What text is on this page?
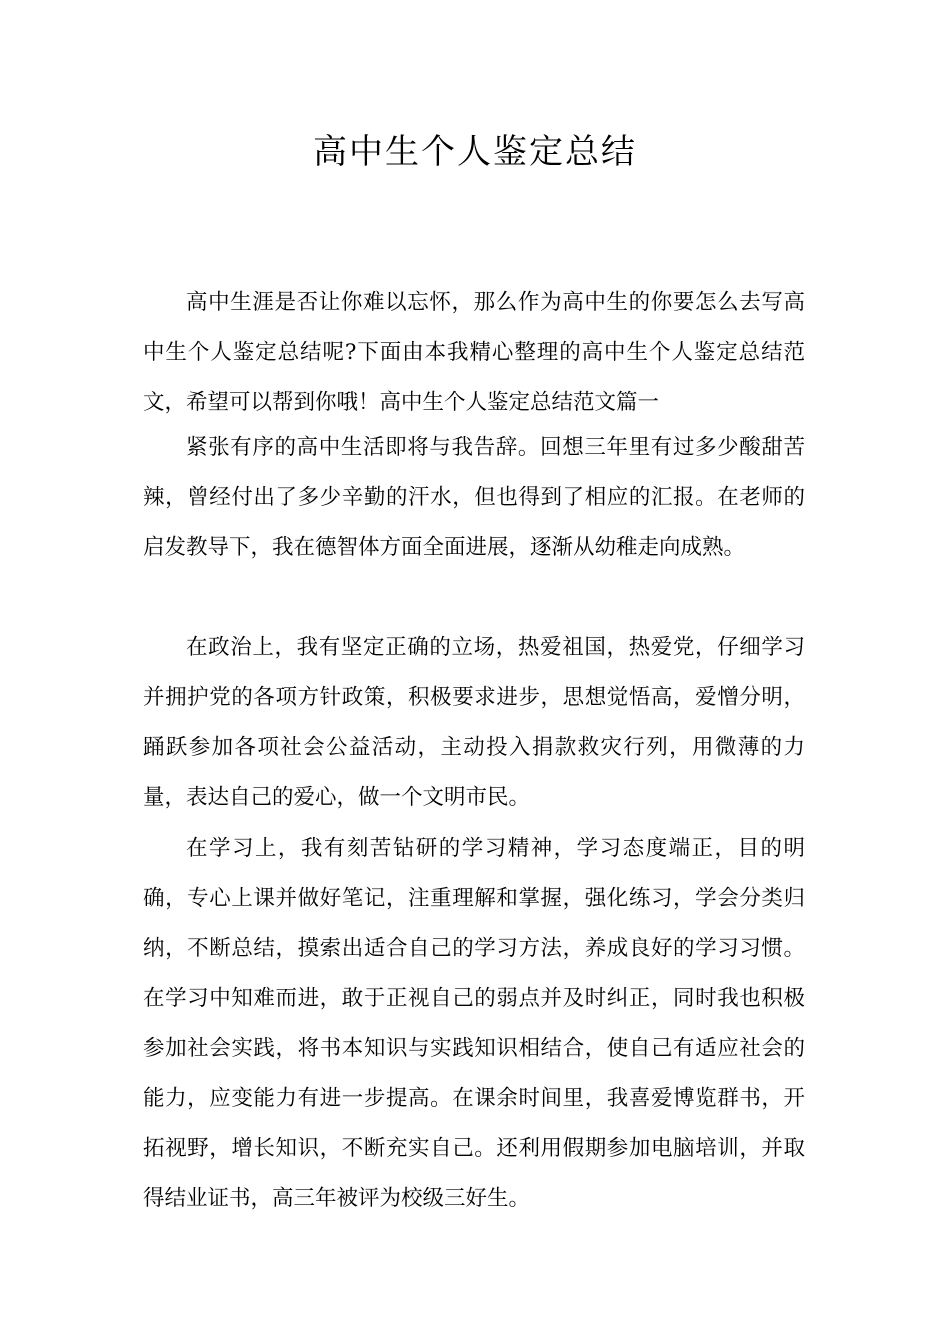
高中生个人鉴定总结

高中生涯是否让你难以忘怀，那么作为高中生的你要怎么去写高中生个人鉴定总结呢?下面由本我精心整理的高中生个人鉴定总结范文，希望可以帮到你哦！高中生个人鉴定总结范文篇一

紧张有序的高中生活即将与我告辞。回想三年里有过多少酸甜苦辣，曾经付出了多少辛勤的汗水，但也得到了相应的汇报。在老师的启发教导下，我在德智体方面全面进展，逐渐从幼稚走向成熟。

在政治上，我有坚定正确的立场，热爱祖国，热爱党，仔细学习并拥护党的各项方针政策，积极要求进步，思想觉悟高，爱憎分明，踊跃参加各项社会公益活动，主动投入捐款救灾行列，用微薄的力量，表达自己的爱心，做一个文明市民。

在学习上，我有刻苦钻研的学习精神，学习态度端正，目的明确，专心上课并做好笔记，注重理解和掌握，强化练习，学会分类归纳，不断总结，摸索出适合自己的学习方法，养成良好的学习习惯。在学习中知难而进，敢于正视自己的弱点并及时纠正，同时我也积极参加社会实践，将书本知识与实践知识相结合，使自己有适应社会的能力，应变能力有进一步提高。在课余时间里，我喜爱博览群书，开拓视野，增长知识，不断充实自己。还利用假期参加电脑培训，并取得结业证书，高三年被评为校级三好生。
